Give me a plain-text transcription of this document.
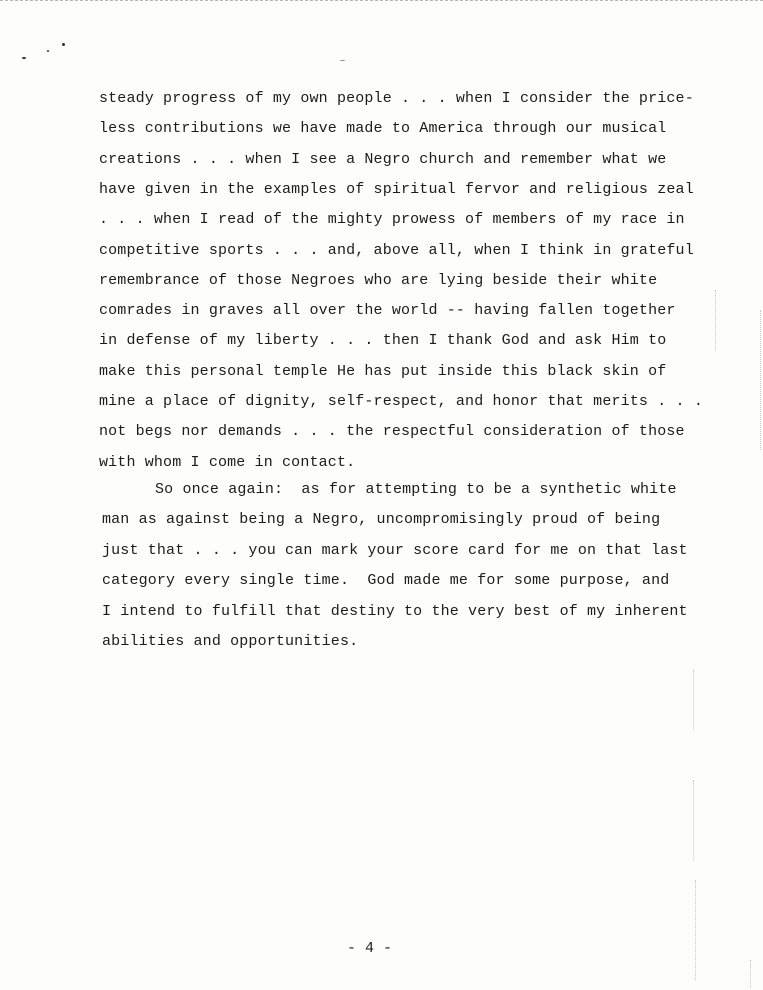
steady progress of my own people . . . when I consider the price-
less contributions we have made to America through our musical
creations . . . when I see a Negro church and remember what we
have given in the examples of spiritual fervor and religious zeal
. . . when I read of the mighty prowess of members of my race in
competitive sports . . . and, above all, when I think in grateful
remembrance of those Negroes who are lying beside their white
comrades in graves all over the world -- having fallen together
in defense of my liberty . . . then I thank God and ask Him to
make this personal temple He has put inside this black skin of
mine a place of dignity, self-respect, and honor that merits . . .
not begs nor demands . . . the respectful consideration of those
with whom I come in contact.
So once again:  as for attempting to be a synthetic white
man as against being a Negro, uncompromisingly proud of being
just that . . . you can mark your score card for me on that last
category every single time.  God made me for some purpose, and
I intend to fulfill that destiny to the very best of my inherent
abilities and opportunities.
- 4 -
